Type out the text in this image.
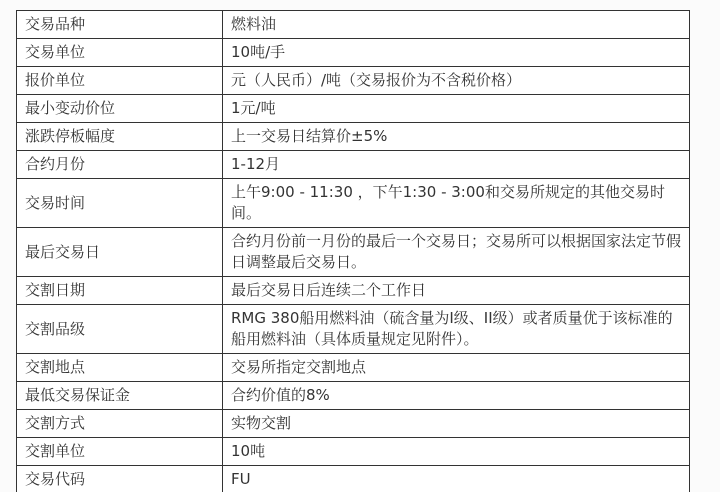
交易品种	燃料油
交易单位	10吨/手
报价单位	元（人民币）/吨（交易报价为不含税价格）
最小变动价位	1元/吨
涨跌停板幅度	上一交易日结算价±5%
合约月份	1-12月
交易时间	上午9:00 - 11:30 ，下午1:30 - 3:00和交易所规定的其他交易时间。
最后交易日	合约月份前一月份的最后一个交易日；交易所可以根据国家法定节假日调整最后交易日。
交割日期	最后交易日后连续二个工作日
交割品级	RMG 380船用燃料油（硫含量为I级、II级）或者质量优于该标准的船用燃料油（具体质量规定见附件）。
交割地点	交易所指定交割地点
最低交易保证金	合约价值的8%
交割方式	实物交割
交割单位	10吨
交易代码	FU
